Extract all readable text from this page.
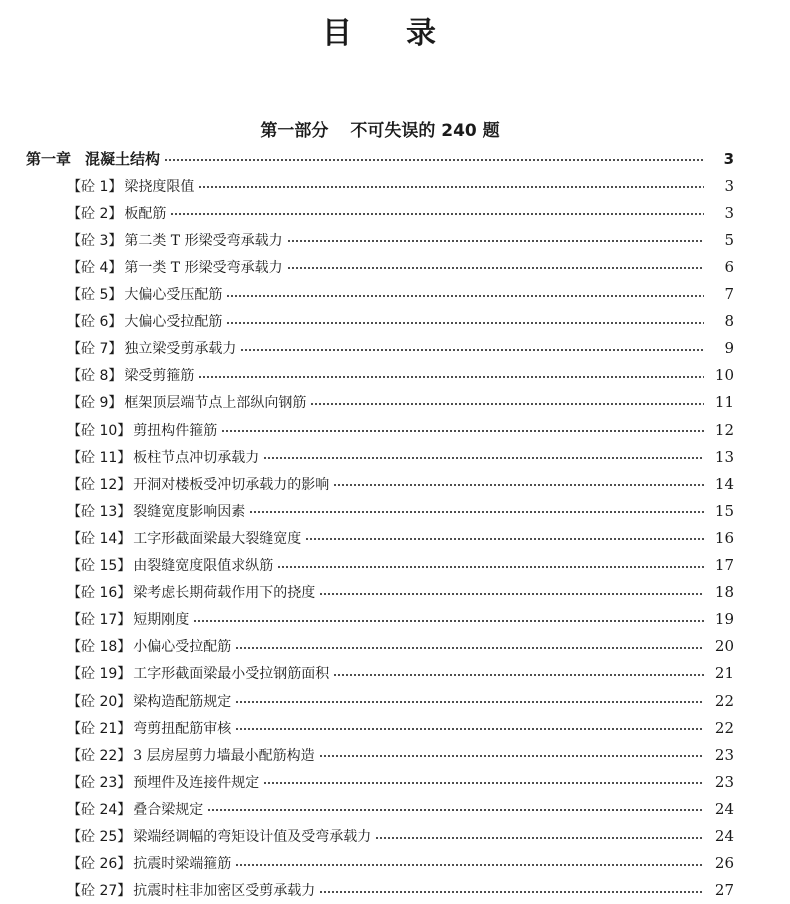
目 录
第一部分 不可失误的 240 题
第一章 混凝土结构	3
【砼 1】 梁挠度限值	3
【砼 2】 板配筋	3
【砼 3】 第二类 T 形梁受弯承载力	5
【砼 4】 第一类 T 形梁受弯承载力	6
【砼 5】 大偏心受压配筋	7
【砼 6】 大偏心受拉配筋	8
【砼 7】 独立梁受剪承载力	9
【砼 8】 梁受剪箍筋	10
【砼 9】 框架顶层端节点上部纵向钢筋	11
【砼 10】 剪扭构件箍筋	12
【砼 11】 板柱节点冲切承载力	13
【砼 12】 开洞对楼板受冲切承载力的影响	14
【砼 13】 裂缝宽度影响因素	15
【砼 14】 工字形截面梁最大裂缝宽度	16
【砼 15】 由裂缝宽度限值求纵筋	17
【砼 16】 梁考虑长期荷载作用下的挠度	18
【砼 17】 短期刚度	19
【砼 18】 小偏心受拉配筋	20
【砼 19】 工字形截面梁最小受拉钢筋面积	21
【砼 20】 梁构造配筋规定	22
【砼 21】 弯剪扭配筋审核	22
【砼 22】 3 层房屋剪力墙最小配筋构造	23
【砼 23】 预埋件及连接件规定	23
【砼 24】 叠合梁规定	24
【砼 25】 梁端经调幅的弯矩设计值及受弯承载力	24
【砼 26】 抗震时梁端箍筋	26
【砼 27】 抗震时柱非加密区受剪承载力	27
